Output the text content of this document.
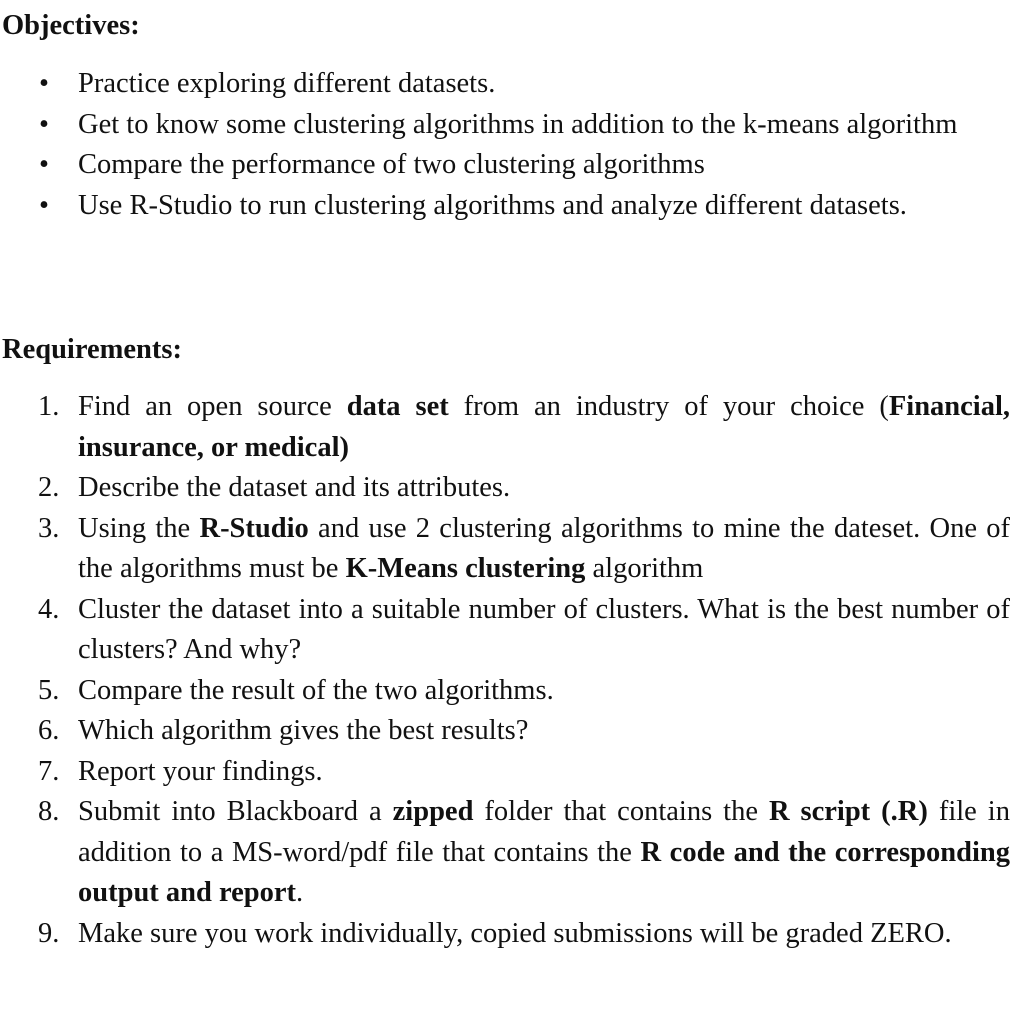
Objectives:
• Practice exploring different datasets.
• Get to know some clustering algorithms in addition to the k-means algorithm
• Compare the performance of two clustering algorithms
• Use R-Studio to run clustering algorithms and analyze different datasets.
Requirements:
1. Find an open source data set from an industry of your choice (Financial, insurance, or medical)
2. Describe the dataset and its attributes.
3. Using the R-Studio and use 2 clustering algorithms to mine the dateset. One of the algorithms must be K-Means clustering algorithm
4. Cluster the dataset into a suitable number of clusters. What is the best number of clusters? And why?
5. Compare the result of the two algorithms.
6. Which algorithm gives the best results?
7. Report your findings.
8. Submit into Blackboard a zipped folder that contains the R script (.R) file in addition to a MS-word/pdf file that contains the R code and the corresponding output and report.
9. Make sure you work individually, copied submissions will be graded ZERO.
